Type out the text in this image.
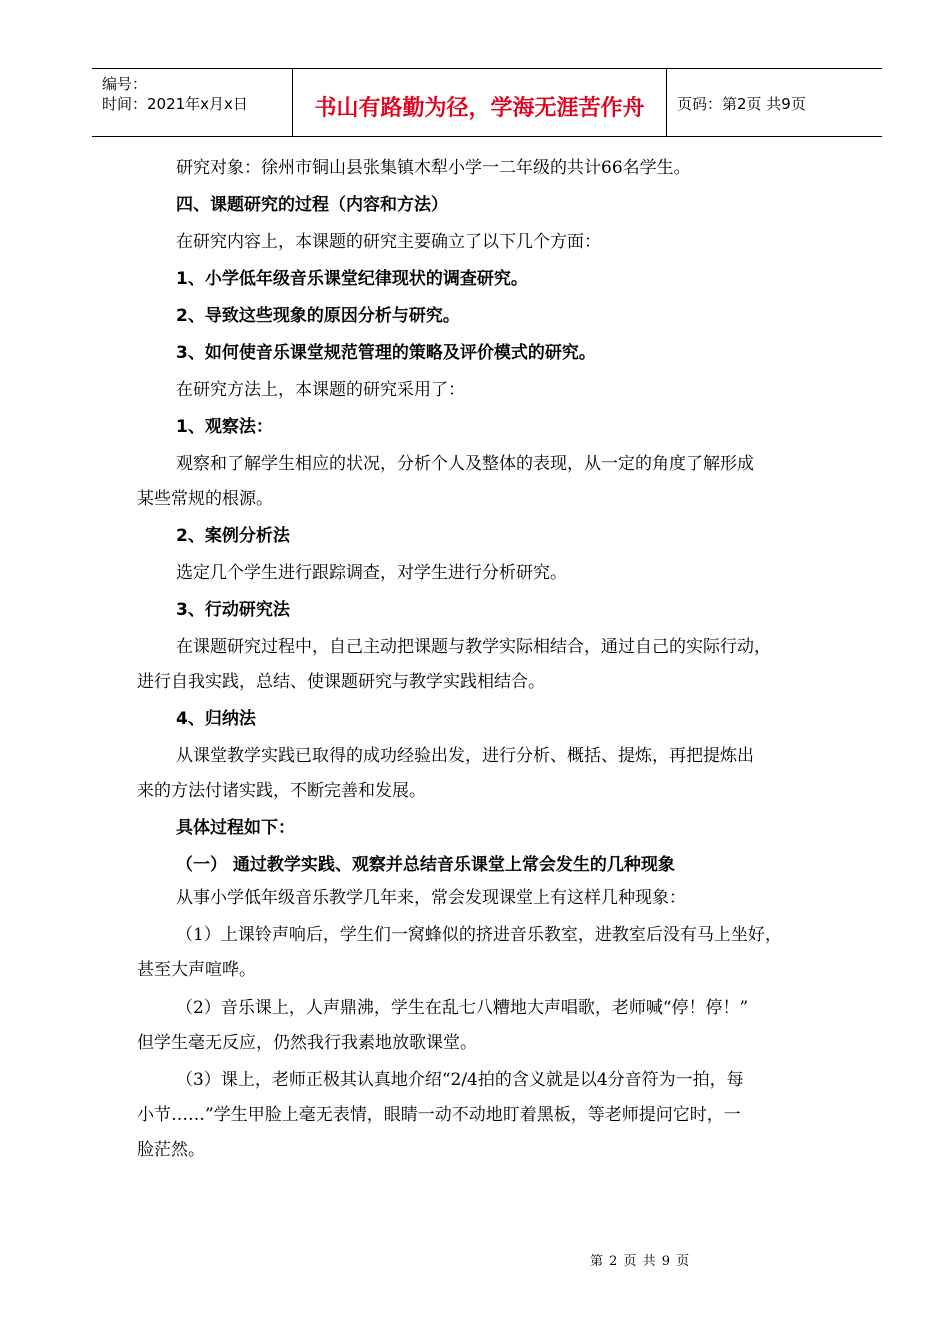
编号：
时间：2021年x月x日	书山有路勤为径，学海无涯苦作舟	页码：第2页 共9页
研究对象：徐州市铜山县张集镇木犁小学一二年级的共计66名学生。
四、课题研究的过程（内容和方法）
在研究内容上，本课题的研究主要确立了以下几个方面：
1、小学低年级音乐课堂纪律现状的调查研究。
2、导致这些现象的原因分析与研究。
3、如何使音乐课堂规范管理的策略及评价模式的研究。
在研究方法上，本课题的研究采用了：
1、观察法：
观察和了解学生相应的状况，分析个人及整体的表现，从一定的角度了解形成
某些常规的根源。
2、案例分析法
选定几个学生进行跟踪调查，对学生进行分析研究。
3、行动研究法
在课题研究过程中，自己主动把课题与教学实际相结合，通过自己的实际行动，
进行自我实践，总结、使课题研究与教学实践相结合。
4、归纳法
从课堂教学实践已取得的成功经验出发，进行分析、概括、提炼，再把提炼出
来的方法付诸实践，不断完善和发展。
具体过程如下：
（一） 通过教学实践、观察并总结音乐课堂上常会发生的几种现象
从事小学低年级音乐教学几年来，常会发现课堂上有这样几种现象：
（1）上课铃声响后，学生们一窝蜂似的挤进音乐教室，进教室后没有马上坐好，
甚至大声喧哗。
（2）音乐课上，人声鼎沸，学生在乱七八糟地大声唱歌，老师喊“停！停！”
但学生毫无反应，仍然我行我素地放歌课堂。
（3）课上，老师正极其认真地介绍“2/4拍的含义就是以4分音符为一拍，每
小节……”学生甲脸上毫无表情，眼睛一动不动地盯着黑板，等老师提问它时，一
脸茫然。
第 2 页 共 9 页
